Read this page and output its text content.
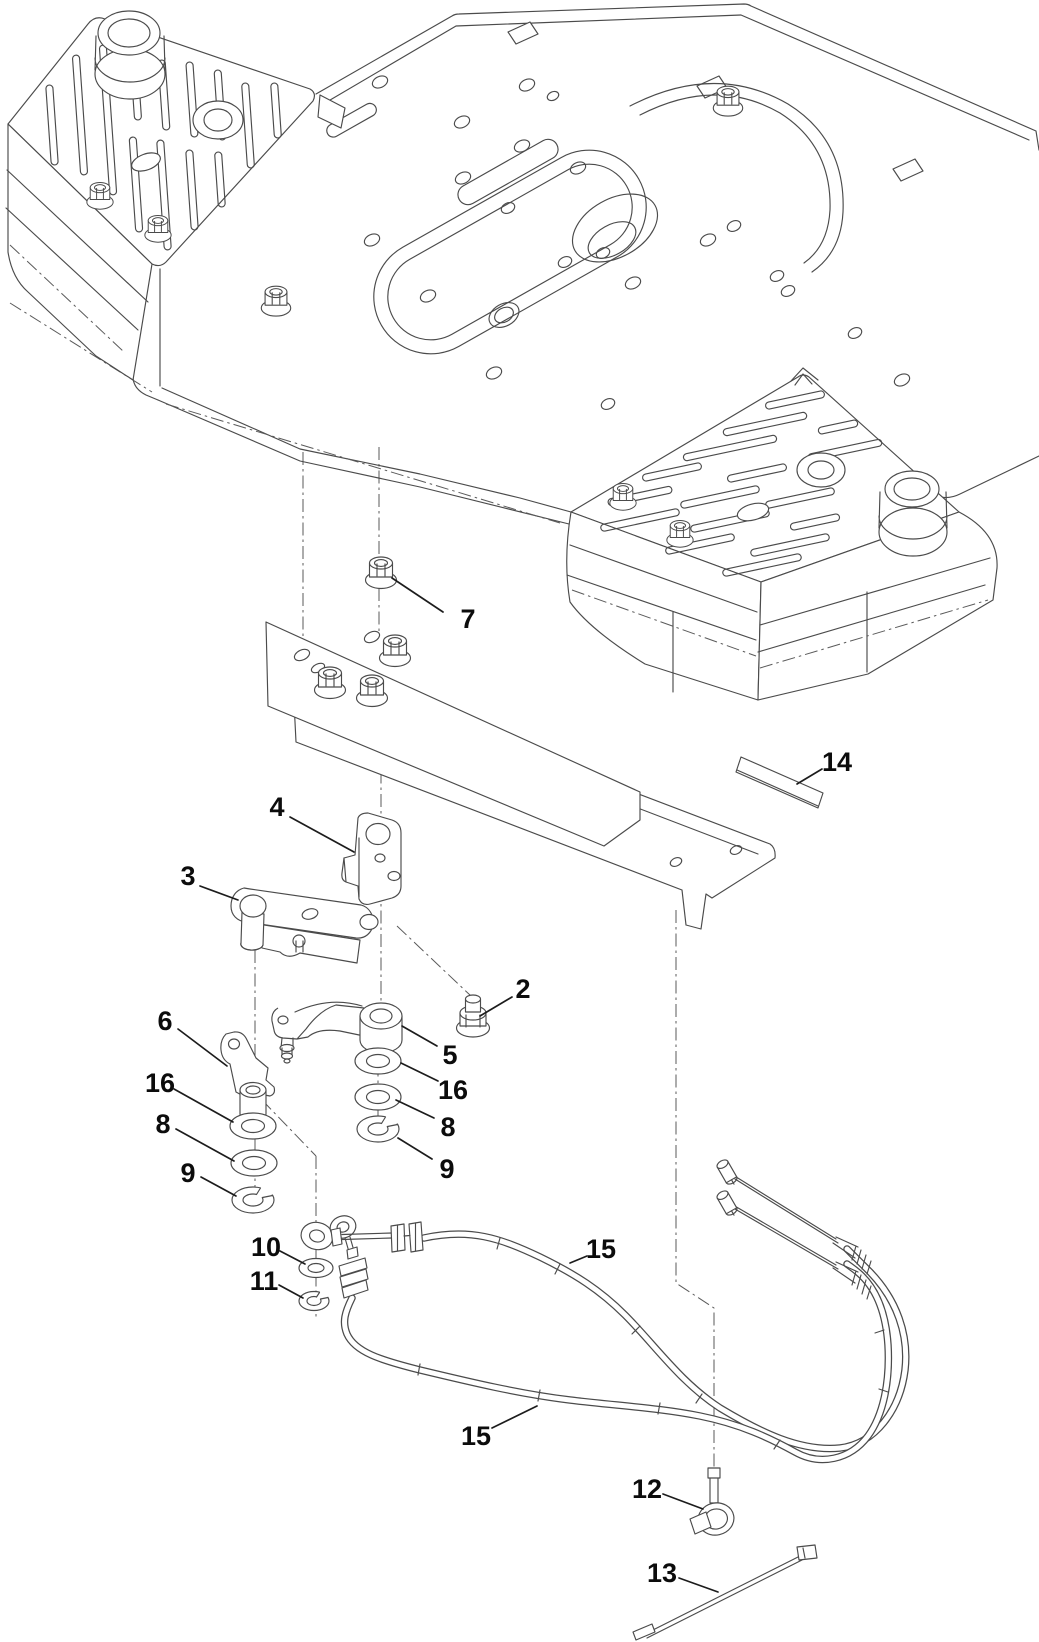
7
14
4
3
2
5
6
16
8
9
16
8
9
10
11
15
15
12
13
